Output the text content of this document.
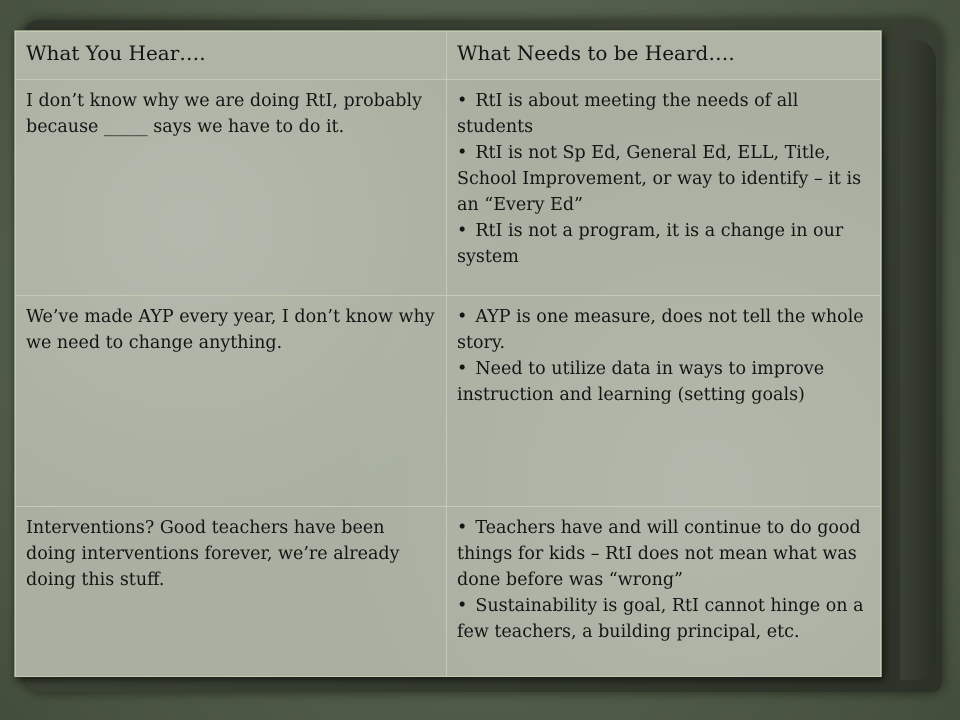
What You Hear….	What Needs to be Heard….
I don’t know why we are doing RtI, probably because _____ says we have to do it.	• RtI is about meeting the needs of all students
• RtI is not Sp Ed, General Ed, ELL, Title, School Improvement, or way to identify – it is an “Every Ed”
• RtI is not a program, it is a change in our system

We’ve made AYP every year, I don’t know why we need to change anything.	• AYP is one measure, does not tell the whole story.
• Need to utilize data in ways to improve instruction and learning (setting goals)

Interventions? Good teachers have been doing interventions forever, we’re already doing this stuff.	• Teachers have and will continue to do good things for kids – RtI does not mean what was done before was “wrong”
• Sustainability is goal, RtI cannot hinge on a few teachers, a building principal, etc.
